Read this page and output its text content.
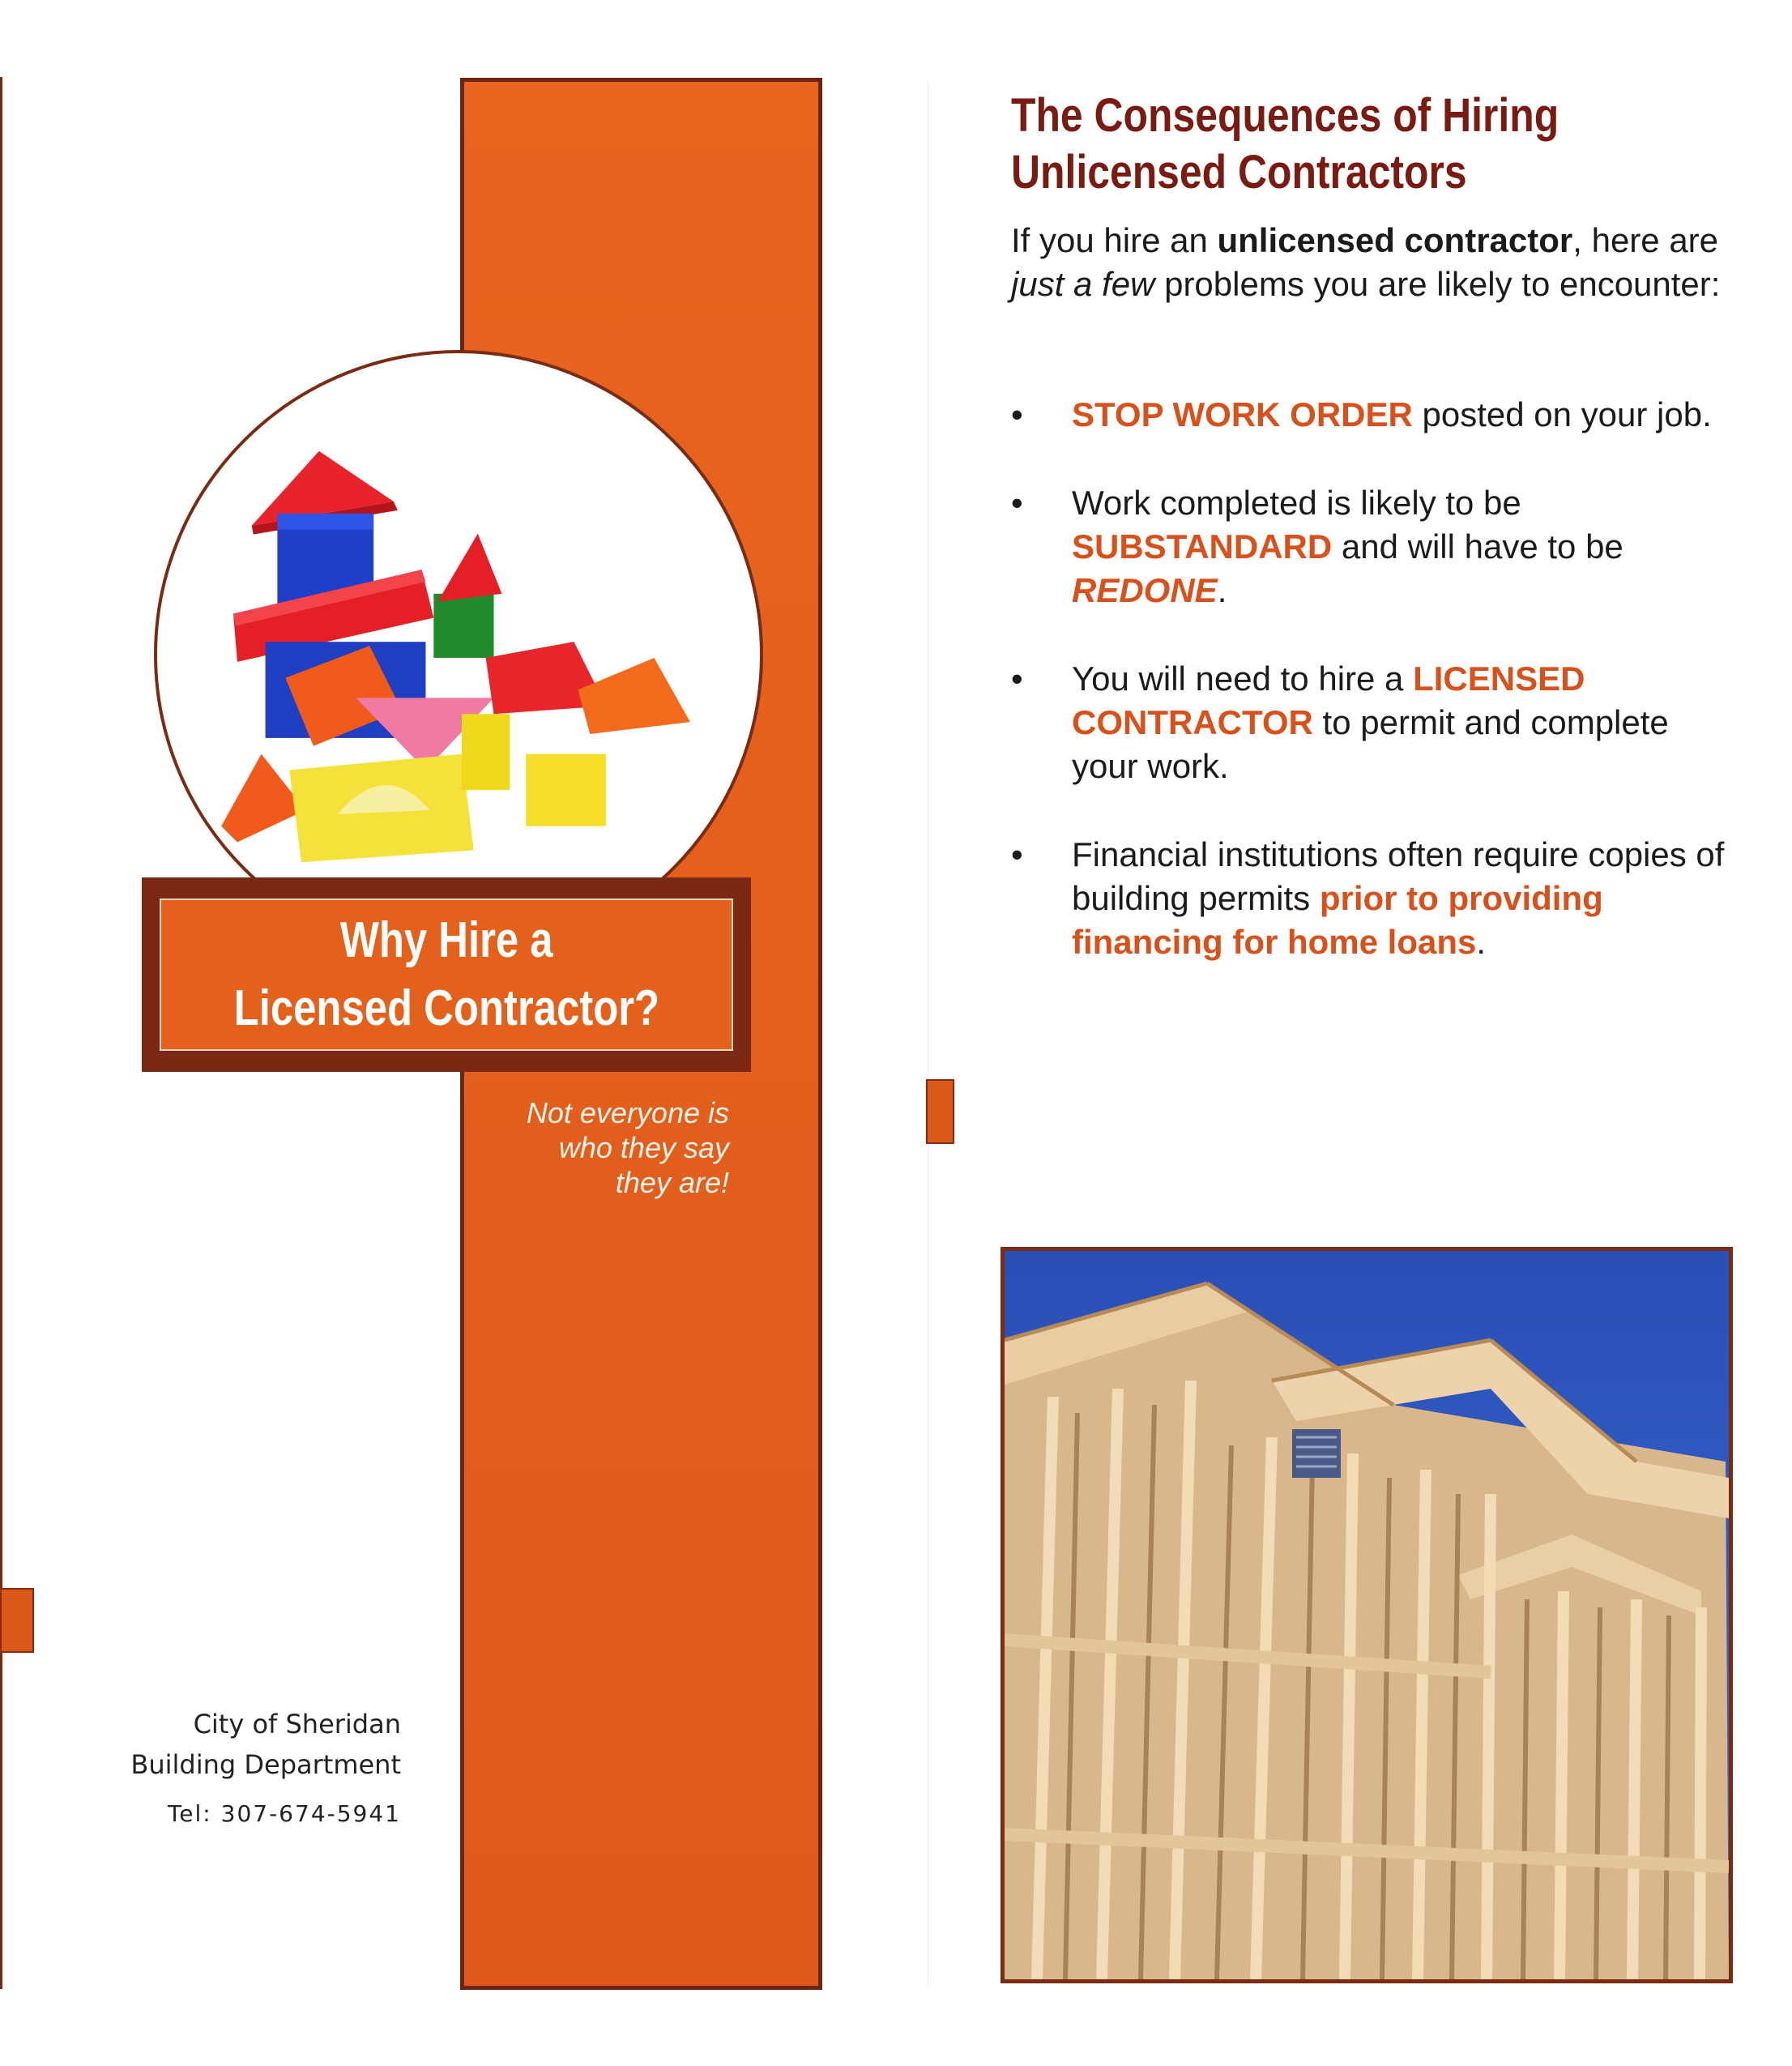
Why Hire a
Licensed Contractor?
Not everyone is
who they say
they are!
City of Sheridan
Building Department
Tel: 307-674-5941
The Consequences of Hiring
Unlicensed Contractors
If you hire an unlicensed contractor, here are just a few problems you are likely to encounter:
• STOP WORK ORDER posted on your job.
• Work completed is likely to be SUBSTANDARD and will have to be REDONE.
• You will need to hire a LICENSED CONTRACTOR to permit and complete your work.
• Financial institutions often require copies of building permits prior to providing financing for home loans.
